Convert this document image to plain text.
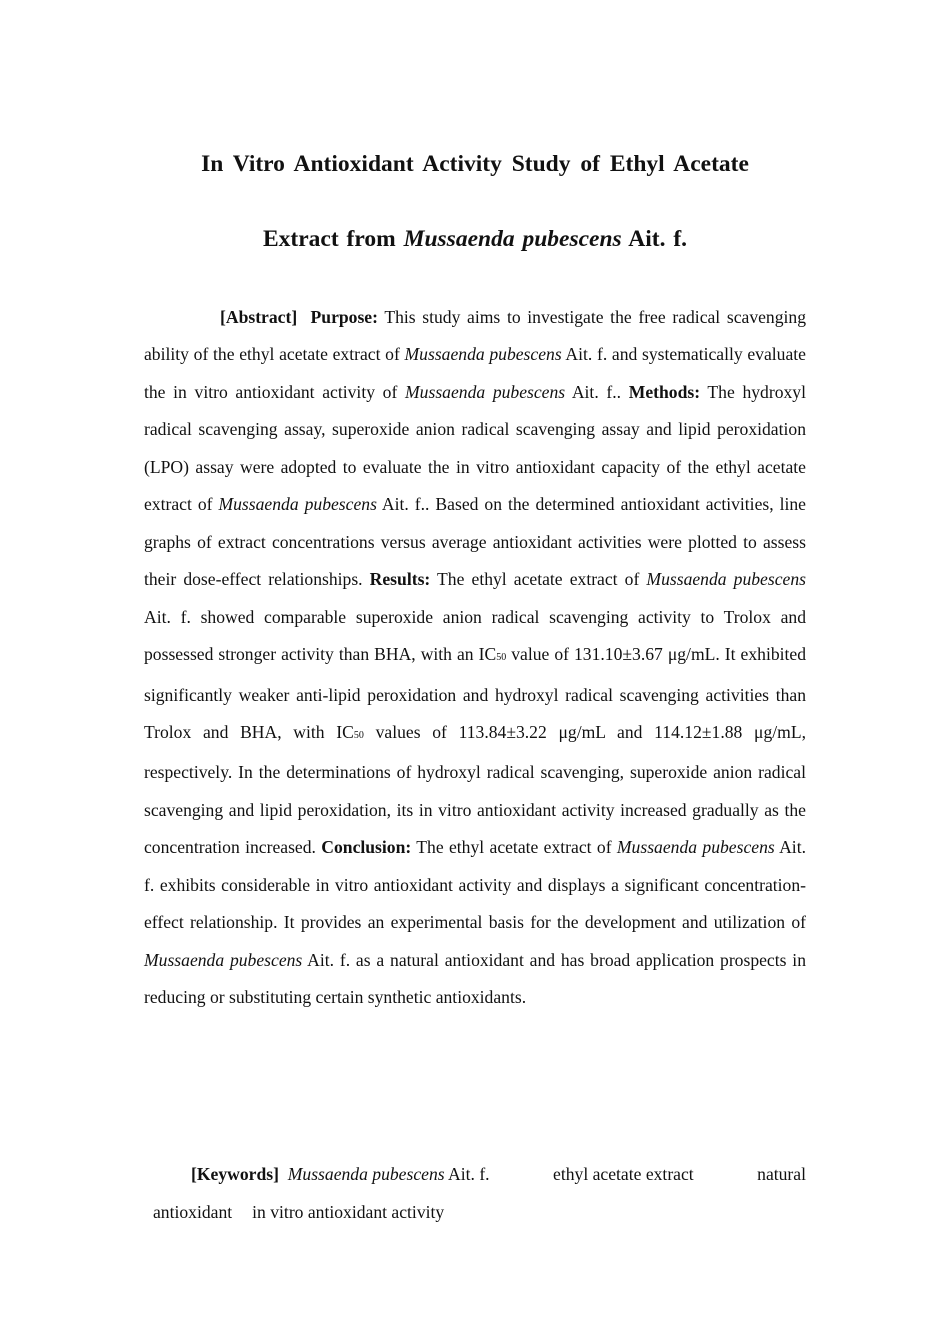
In Vitro Antioxidant Activity Study of Ethyl Acetate
Extract from Mussaenda pubescens Ait. f.

[Abstract] Purpose: This study aims to investigate the free radical scavenging ability of the ethyl acetate extract of Mussaenda pubescens Ait. f. and systematically evaluate the in vitro antioxidant activity of Mussaenda pubescens Ait. f.. Methods: The hydroxyl radical scavenging assay, superoxide anion radical scavenging assay and lipid peroxidation (LPO) assay were adopted to evaluate the in vitro antioxidant capacity of the ethyl acetate extract of Mussaenda pubescens Ait. f.. Based on the determined antioxidant activities, line graphs of extract concentrations versus average antioxidant activities were plotted to assess their dose-effect relationships. Results: The ethyl acetate extract of Mussaenda pubescens Ait. f. showed comparable superoxide anion radical scavenging activity to Trolox and possessed stronger activity than BHA, with an IC50 value of 131.10±3.67 μg/mL. It exhibited significantly weaker anti-lipid peroxidation and hydroxyl radical scavenging activities than Trolox and BHA, with IC50 values of 113.84±3.22 μg/mL and 114.12±1.88 μg/mL, respectively. In the determinations of hydroxyl radical scavenging, superoxide anion radical scavenging and lipid peroxidation, its in vitro antioxidant activity increased gradually as the concentration increased. Conclusion: The ethyl acetate extract of Mussaenda pubescens Ait. f. exhibits considerable in vitro antioxidant activity and displays a significant concentration-effect relationship. It provides an experimental basis for the development and utilization of Mussaenda pubescens Ait. f. as a natural antioxidant and has broad application prospects in reducing or substituting certain synthetic antioxidants.

[Keywords] Mussaenda pubescens Ait. f.	ethyl acetate extract	natural
antioxidant in vitro antioxidant activity
